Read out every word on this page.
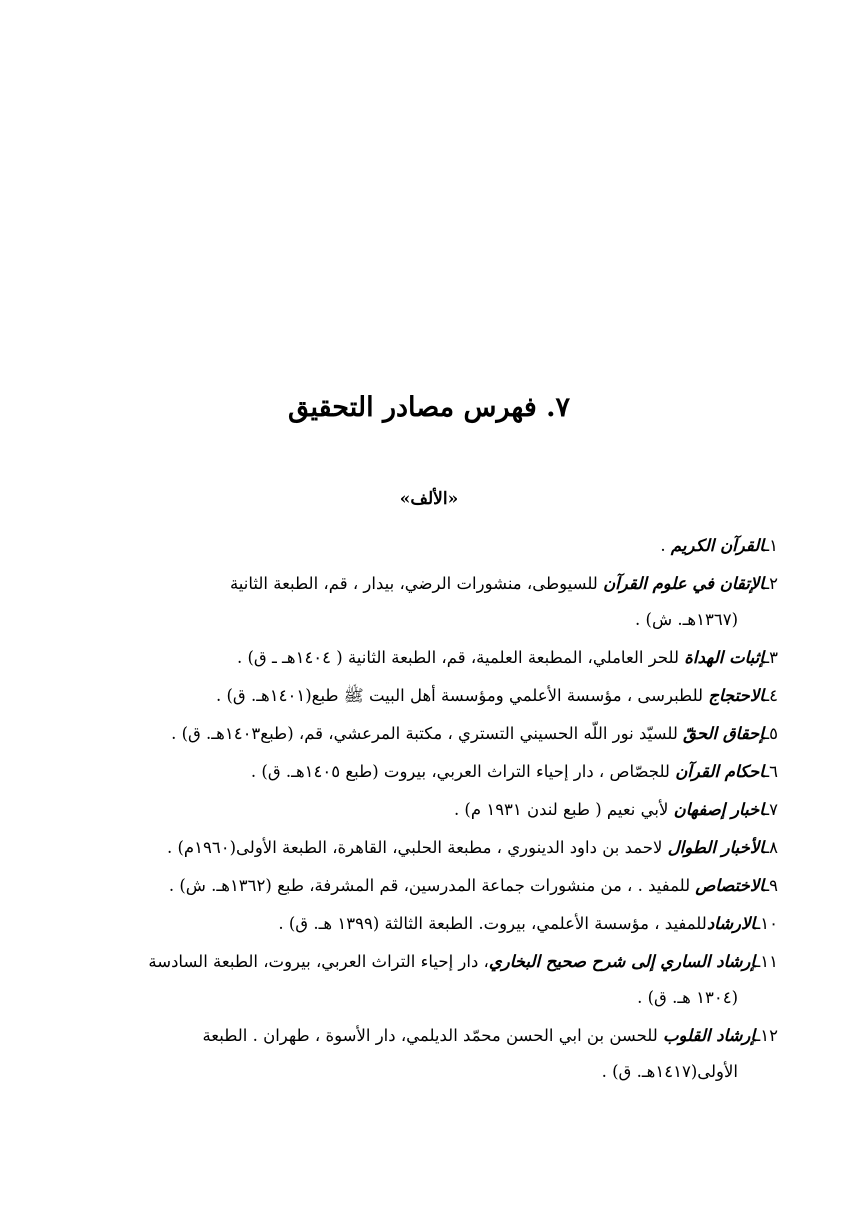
٧. فهرس مصادر التحقيق
«الألف»
١ـالقرآن الكريم .
٢ـالإتقان في علوم القرآن للسيوطى، منشورات الرضي، بيدار ، قم، الطبعة الثانية
(١٣٦٧هـ. ش) .
٣ـإثبات الهداة للحر العاملي، المطبعة العلمية، قم، الطبعة الثانية ( ١٤٠٤هـ ـ ق) .
٤ـالاحتجاج للطبرسى ، مؤسسة الأعلمي ومؤسسة أهل البيت ﷺ طبع(١٤٠١هـ. ق) .
٥ـإحقاق الحقّ للسيّد نور اللّه الحسيني التستري ، مكتبة المرعشي، قم، (طبع١٤٠٣هـ. ق) .
٦ـاحكام القرآن للجصّاص ، دار إحياء التراث العربي، بيروت (طبع ١٤٠٥هـ. ق) .
٧ـاخبار إصفهان لأبي نعيم ( طبع لندن ١٩٣١ م) .
٨ـالأخبار الطوال لاحمد بن داود الدينوري ، مطبعة الحلبي، القاهرة، الطبعة الأولى(١٩٦٠م) .
٩ـالاختصاص للمفيد . ، من منشورات جماعة المدرسين، قم المشرفة، طبع (١٣٦٢هـ. ش) .
١٠ـالارشادللمفيد ، مؤسسة الأعلمي، بيروت. الطبعة الثالثة (١٣٩٩ هـ. ق) .
١١ـإرشاد الساري إلى شرح صحيح البخاري، دار إحياء التراث العربي، بيروت، الطبعة السادسة
(١٣٠٤ هـ. ق) .
١٢ـإرشاد القلوب للحسن بن ابي الحسن محمّد الديلمي، دار الأسوة ، طهران . الطبعة
الأولى(١٤١٧هـ. ق) .
